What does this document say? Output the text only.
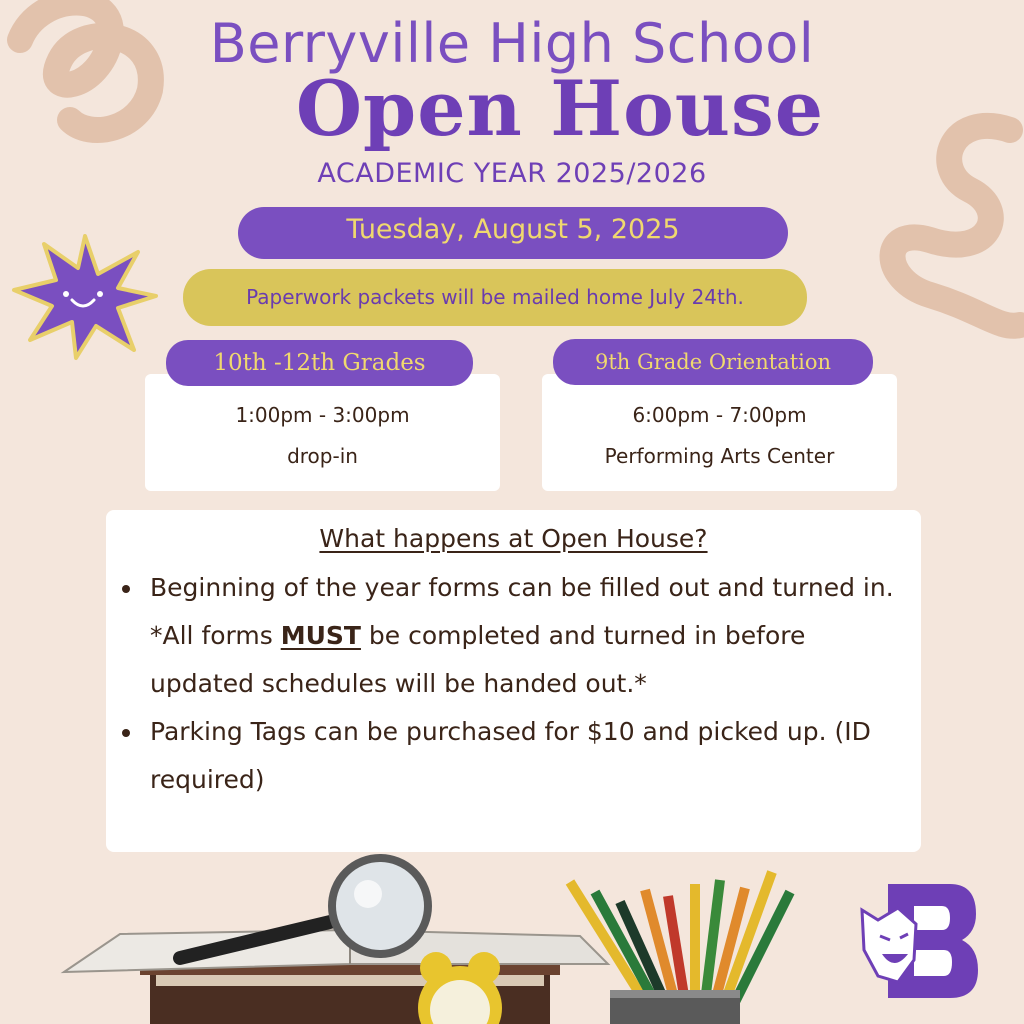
Berryville High School
Open House
ACADEMIC YEAR 2025/2026
Tuesday, August 5, 2025
Paperwork packets will be mailed home July 24th.
1:00pm - 3:00pm
drop-in
10th -12th Grades
6:00pm - 7:00pm
Performing Arts Center
9th Grade Orientation
What happens at Open House?
Beginning of the year forms can be filled out and turned in. *All forms MUST be completed and turned in before updated schedules will be handed out.*
Parking Tags can be purchased for $10 and picked up. (ID required)
B
